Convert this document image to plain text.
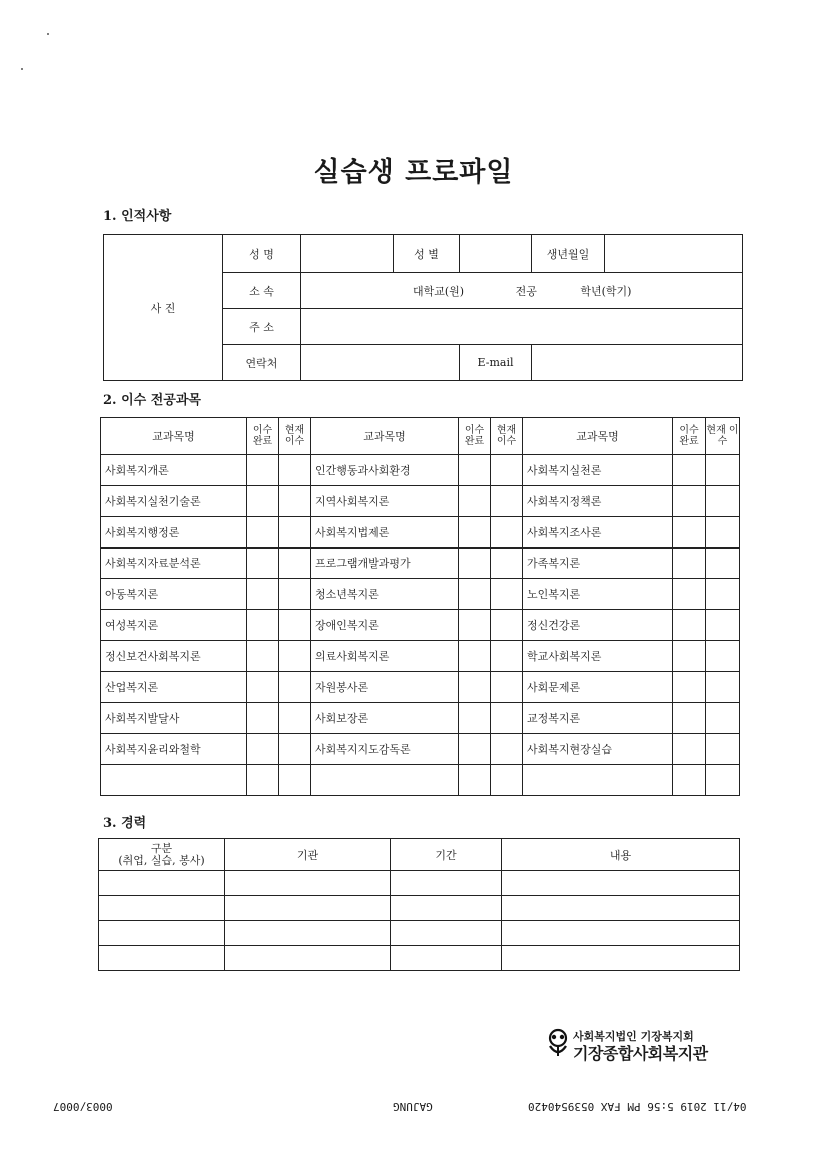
실습생 프로파일
1. 인적사항
사 진	성 명		성 별		생년월일	
	소 속	대학교(원) 전공 학년(학기)				
	주 소					
	연락처			E-mail		
2. 이수 전공과목
교과목명	이수 완료	현재 이수	교과목명	이수 완료	현재 이수	교과목명	이수 완료	현재 이수
사회복지개론			인간행동과사회환경			사회복지실천론		
사회복지실천기술론			지역사회복지론			사회복지정책론		
사회복지행정론			사회복지법제론			사회복지조사론		
사회복지자료분석론			프로그램개발과평가			가족복지론		
아동복지론			청소년복지론			노인복지론		
여성복지론			장애인복지론			정신건강론		
정신보건사회복지론			의료사회복지론			학교사회복지론		
산업복지론			자원봉사론			사회문제론		
사회복지발달사			사회보장론			교정복지론		
사회복지윤리와철학			사회복지지도감독론			사회복지현장실습		

3. 경력
구분
(취업, 실습, 봉사)	기관	기간	내용

사회복지법인 기장복지회
기장종합사회복지관
04/11 2019 5:56 PM FAX 0539540420
GAJUNG
0003/0007
